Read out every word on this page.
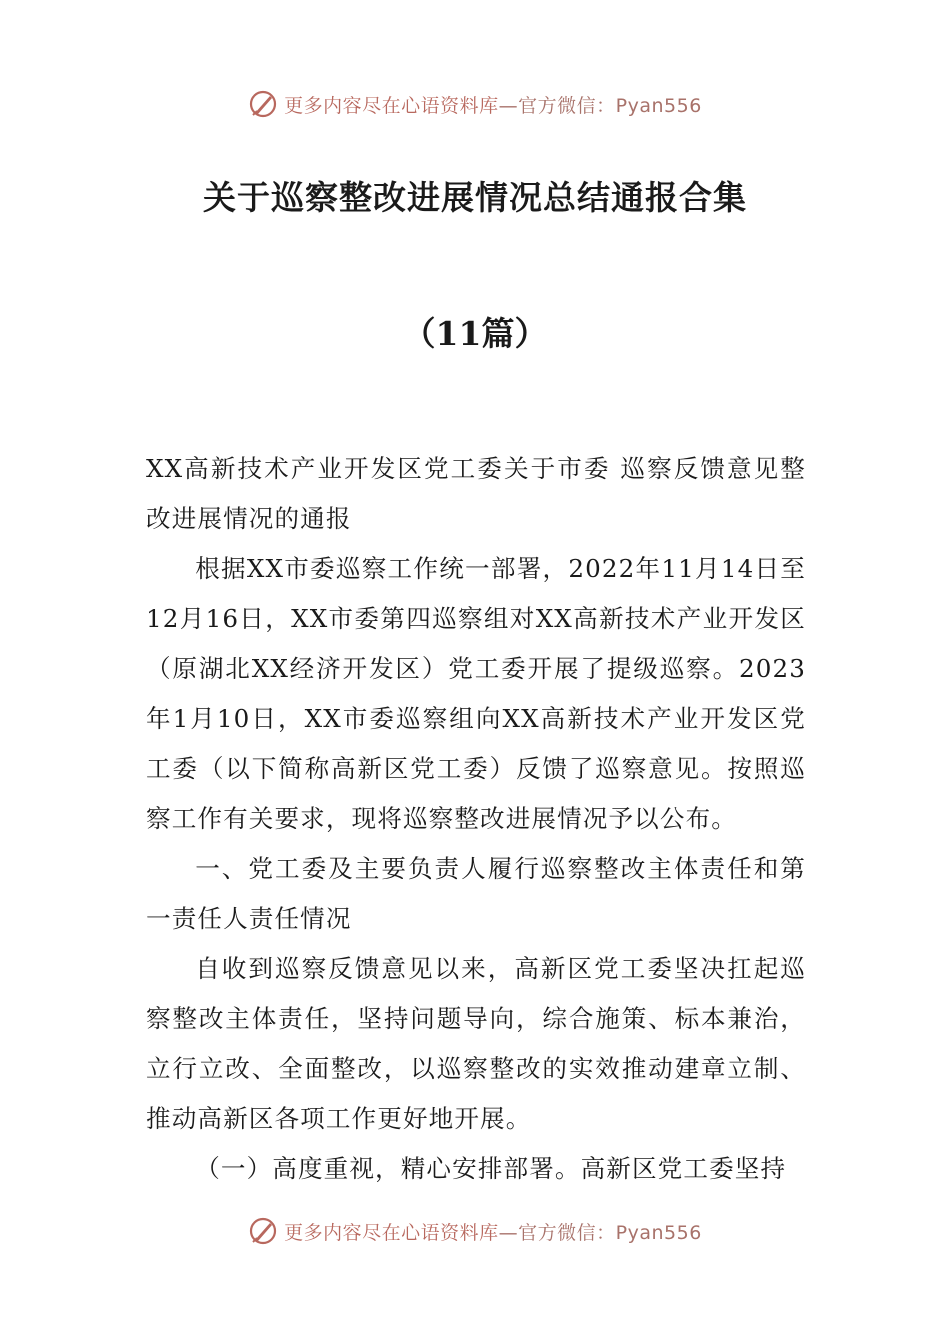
更多内容尽在心语资料库 —官方微信：Pyan556
关于巡察整改进展情况总结通报合集
（11篇）

XX高新技术产业开发区党工委关于市委 巡察反馈意见整改进展情况的通报

根据XX市委巡察工作统一部署，2022年11月14日至12月16日，XX市委第四巡察组对XX高新技术产业开发区（原湖北XX经济开发区）党工委开展了提级巡察。2023年1月10日，XX市委巡察组向XX高新技术产业开发区党工委（以下简称高新区党工委）反馈了巡察意见。按照巡察工作有关要求，现将巡察整改进展情况予以公布。

一、党工委及主要负责人履行巡察整改主体责任和第一责任人责任情况

自收到巡察反馈意见以来，高新区党工委坚决扛起巡察整改主体责任，坚持问题导向，综合施策、标本兼治，立行立改、全面整改，以巡察整改的实效推动建章立制、推动高新区各项工作更好地开展。

（一）高度重视，精心安排部署。高新区党工委坚持

更多内容尽在心语资料库 —官方微信：Pyan556
